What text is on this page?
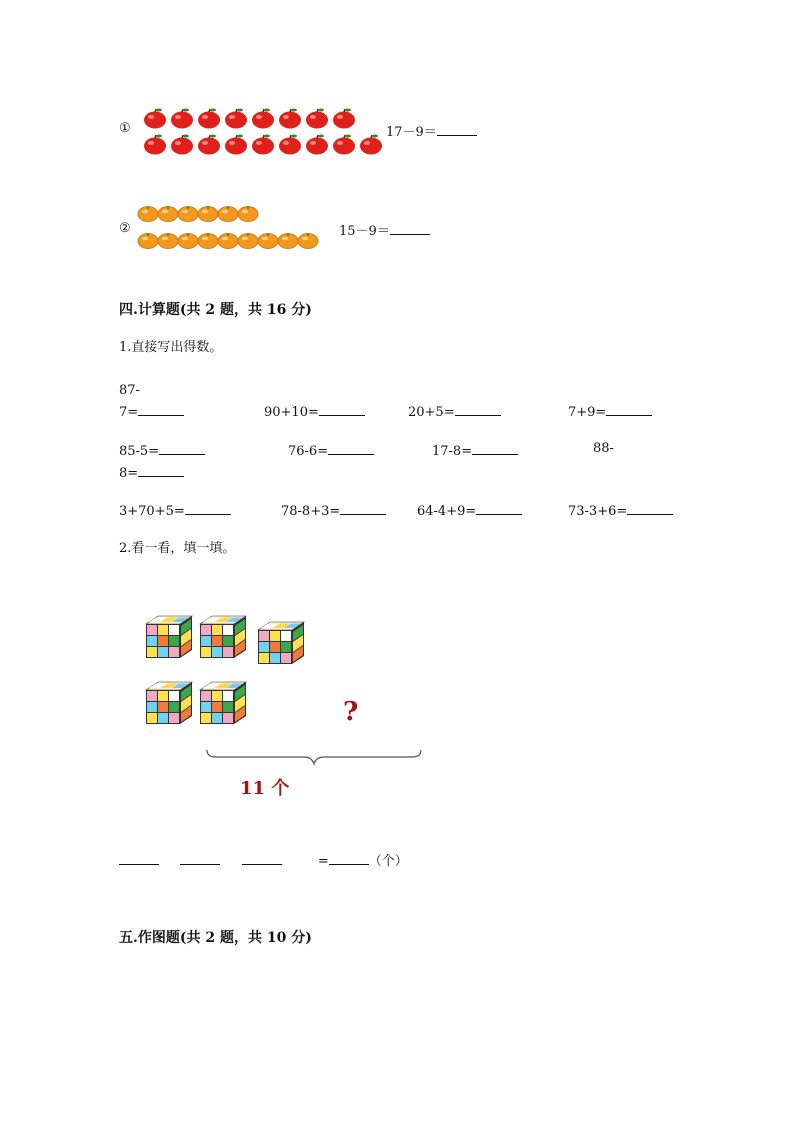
①	17－9＝
②	15－9＝
四.计算题(共 2 题，共 16 分)
1.直接写出得数。
87-
7=	90+10=	20+5=	7+9=
85-5=	76-6=	17-8=	88-
8=
3+70+5=	78-8+3=	64-4+9=	73-3+6=
2.看一看，填一填。
?
11 个
=	（个）
五.作图题(共 2 题，共 10 分)
